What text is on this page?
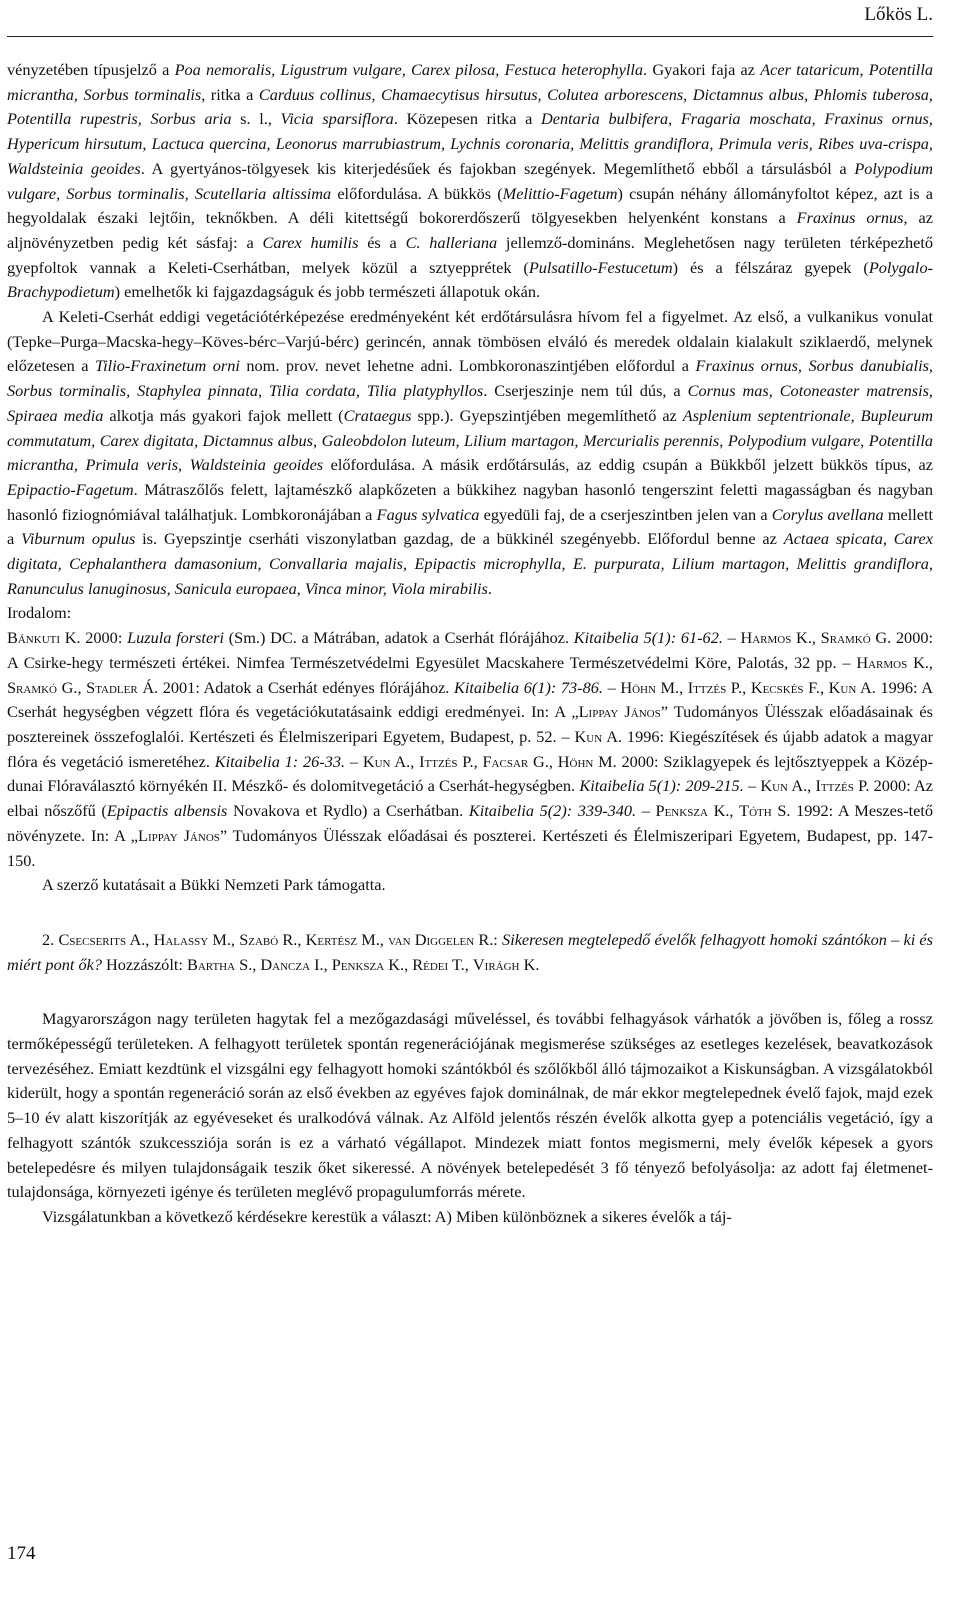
Lőkös L.

vényzetében típusjelző a Poa nemoralis, Ligustrum vulgare, Carex pilosa, Festuca heterophylla. Gyakori faja az Acer tataricum, Potentilla micrantha, Sorbus torminalis, ritka a Carduus collinus, Chamaecytisus hirsutus, Colutea arborescens, Dictamnus albus, Phlomis tuberosa, Potentilla rupestris, Sorbus aria s. l., Vicia sparsiflora. Közepesen ritka a Dentaria bulbifera, Fragaria moschata, Fraxinus ornus, Hypericum hirsutum, Lactuca quercina, Leonorus marrubiastrum, Lychnis coronaria, Melittis grandiflora, Primula veris, Ribes uva-crispa, Waldsteinia geoides. A gyertyános-tölgyesek kis kiterjedésűek és fajokban szegények. Megemlíthető ebből a társulásból a Polypodium vulgare, Sorbus torminalis, Scutellaria altissima előfordulása. A bükkös (Melittio-Fagetum) csupán néhány állományfoltot képez, azt is a hegyoldalak északi lejtőin, teknőkben. A déli kitettségű bokorerdőszerű tölgyesekben helyenként konstans a Fraxinus ornus, az aljnövényzetben pedig két sásfaj: a Carex humilis és a C. halleriana jellemző-domináns. Meglehetősen nagy területen térképezhető gyepfoltok vannak a Keleti-Cserhátban, melyek közül a sztyepprétek (Pulsatillo-Festucetum) és a félszáraz gyepek (Polygalo-Brachypodietum) emelhetők ki fajgazdagságuk és jobb természeti állapotuk okán.

A Keleti-Cserhát eddigi vegetációtérképezése eredményeként két erdőtársulásra hívom fel a figyelmet. Az első, a vulkanikus vonulat (Tepke–Purga–Macska-hegy–Köves-bérc–Varjú-bérc) gerincén, annak tömbösen elváló és meredek oldalain kialakult sziklaerdő, melynek előzetesen a Tilio-Fraxinetum orni nom. prov. nevet lehetne adni. Lombkoronaszintjében előfordul a Fraxinus ornus, Sorbus danubialis, Sorbus torminalis, Staphylea pinnata, Tilia cordata, Tilia platyphyllos. Cserjeszinje nem túl dús, a Cornus mas, Cotoneaster matrensis, Spiraea media alkotja más gyakori fajok mellett (Crataegus spp.). Gyepszintjében megemlíthető az Asplenium septentrionale, Bupleurum commutatum, Carex digitata, Dictamnus albus, Galeobdolon luteum, Lilium martagon, Mercurialis perennis, Polypodium vulgare, Potentilla micrantha, Primula veris, Waldsteinia geoides előfordulása. A másik erdőtársulás, az eddig csupán a Bükkből jelzett bükkös típus, az Epipactio-Fagetum. Mátraszőlős felett, lajtamészkő alapkőzeten a bükkihez nagyban hasonló tengerszint feletti magasságban és nagyban hasonló fiziognómiával találhatjuk. Lombkoronájában a Fagus sylvatica egyedüli faj, de a cserjeszintben jelen van a Corylus avellana mellett a Viburnum opulus is. Gyepszintje cserháti viszonylatban gazdag, de a bükkinél szegényebb. Előfordul benne az Actaea spicata, Carex digitata, Cephalanthera damasonium, Convallaria majalis, Epipactis microphylla, E. purpurata, Lilium martagon, Melittis grandiflora, Ranunculus lanuginosus, Sanicula europaea, Vinca minor, Viola mirabilis.

Irodalom:

Bánkuti K. 2000: Luzula forsteri (Sm.) DC. a Mátrában, adatok a Cserhát flórájához. Kitaibelia 5(1): 61-62. – Harmos K., Sramkó G. 2000: A Csirke-hegy természeti értékei. Nimfea Természetvédelmi Egyesület Macskahere Természetvédelmi Köre, Palotás, 32 pp. – Harmos K., Sramkó G., Stadler Á. 2001: Adatok a Cserhát edényes flórájához. Kitaibelia 6(1): 73-86. – Höhn M., Ittzés P., Kecskés F., Kun A. 1996: A Cserhát hegységben végzett flóra és vegetációkutatásaink eddigi eredményei. In: A „Lippay János” Tudományos Ülésszak előadásainak és posztereinek összefoglalói. Kertészeti és Élelmiszeripari Egyetem, Budapest, p. 52. – Kun A. 1996: Kiegészítések és újabb adatok a magyar flóra és vegetáció ismeretéhez. Kitaibelia 1: 26-33. – Kun A., Ittzés P., Facsar G., Höhn M. 2000: Sziklagyepek és lejtősztyeppek a Közép-dunai Flóraválasztó környékén II. Mészkő- és dolomitvegetáció a Cserhát-hegységben. Kitaibelia 5(1): 209-215. – Kun A., Ittzés P. 2000: Az elbai nőszőfű (Epipactis albensis Novakova et Rydlo) a Cserhátban. Kitaibelia 5(2): 339-340. – Penksza K., Tóth S. 1992: A Meszes-tető növényzete. In: A „Lippay János” Tudományos Ülésszak előadásai és poszterei. Kertészeti és Élelmiszeripari Egyetem, Budapest, pp. 147-150.

A szerző kutatásait a Bükki Nemzeti Park támogatta.

2. Csecserits A., Halassy M., Szabó R., Kertész M., van Diggelen R.: Sikeresen megtelepedő évelők felhagyott homoki szántókon – ki és miért pont ők? Hozzászólt: Bartha S., Dancza I., Penksza K., Rédei T., Virágh K.

Magyarországon nagy területen hagytak fel a mezőgazdasági műveléssel, és további felhagyások várhatók a jövőben is, főleg a rossz termőképességű területeken. A felhagyott területek spontán regenerációjának megismerése szükséges az esetleges kezelések, beavatkozások tervezéséhez. Emiatt kezdtünk el vizsgálni egy felhagyott homoki szántókból és szőlőkből álló tájmozaikot a Kiskunságban. A vizsgálatokból kiderült, hogy a spontán regeneráció során az első években az egyéves fajok dominálnak, de már ekkor megtelepednek évelő fajok, majd ezek 5–10 év alatt kiszorítják az egyéveseket és uralkodóvá válnak. Az Alföld jelentős részén évelők alkotta gyep a potenciális vegetáció, így a felhagyott szántók szukcessziója során is ez a várható végállapot. Mindezek miatt fontos megismerni, mely évelők képesek a gyors betelepedésre és milyen tulajdonságaik teszik őket sikeressé. A növények betelepedését 3 fő tényező befolyásolja: az adott faj életmenet-tulajdonsága, környezeti igénye és területen meglévő propagulumforrás mérete.

Vizsgálatunkban a következő kérdésekre kerestük a választ: A) Miben különböznek a sikeres évelők a táj-

174
